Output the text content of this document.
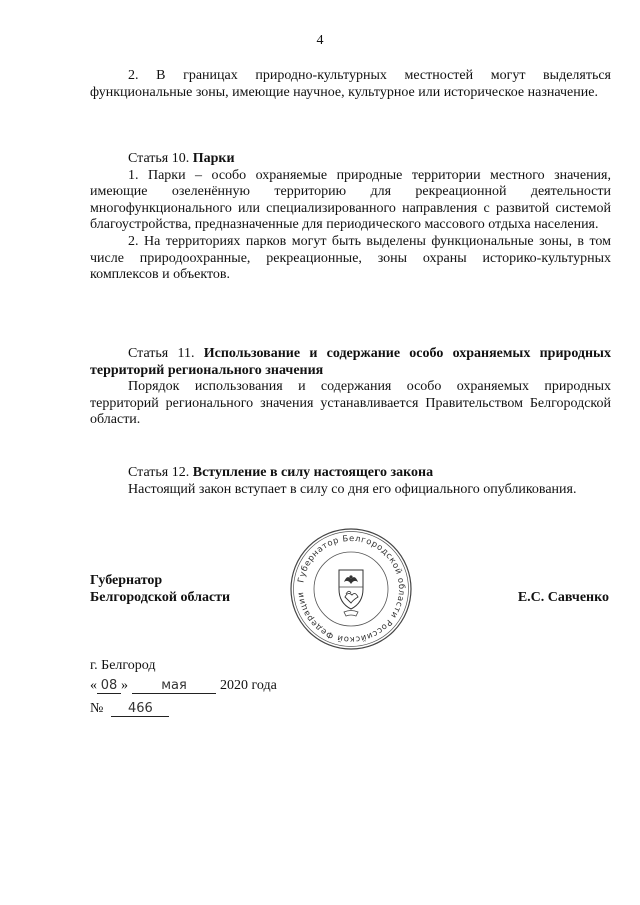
4
2. В границах природно-культурных местностей могут выделяться функциональные зоны, имеющие научное, культурное или историческое назначение.

Статья 10. Парки

1. Парки – особо охраняемые природные территории местного значения, имеющие озеленённую территорию для рекреационной деятельности многофункционального или специализированного направления с развитой системой благоустройства, предназначенные для периодического массового отдыха населения.

2. На территориях парков могут быть выделены функциональные зоны, в том числе природоохранные, рекреационные, зоны охраны историко-культурных комплексов и объектов.

Статья 11. Использование и содержание особо охраняемых природных территорий регионального значения

Порядок использования и содержания особо охраняемых природных территорий регионального значения устанавливается Правительством Белгородской области.

Статья 12. Вступление в силу настоящего закона

Настоящий закон вступает в силу со дня его официального опубликования.

Губернатор
Белгородской области	Е.С. Савченко
Губернатор Белгородской области Российской Федерации
г. Белгород
« 08 »	мая 2020 года
№ 466
